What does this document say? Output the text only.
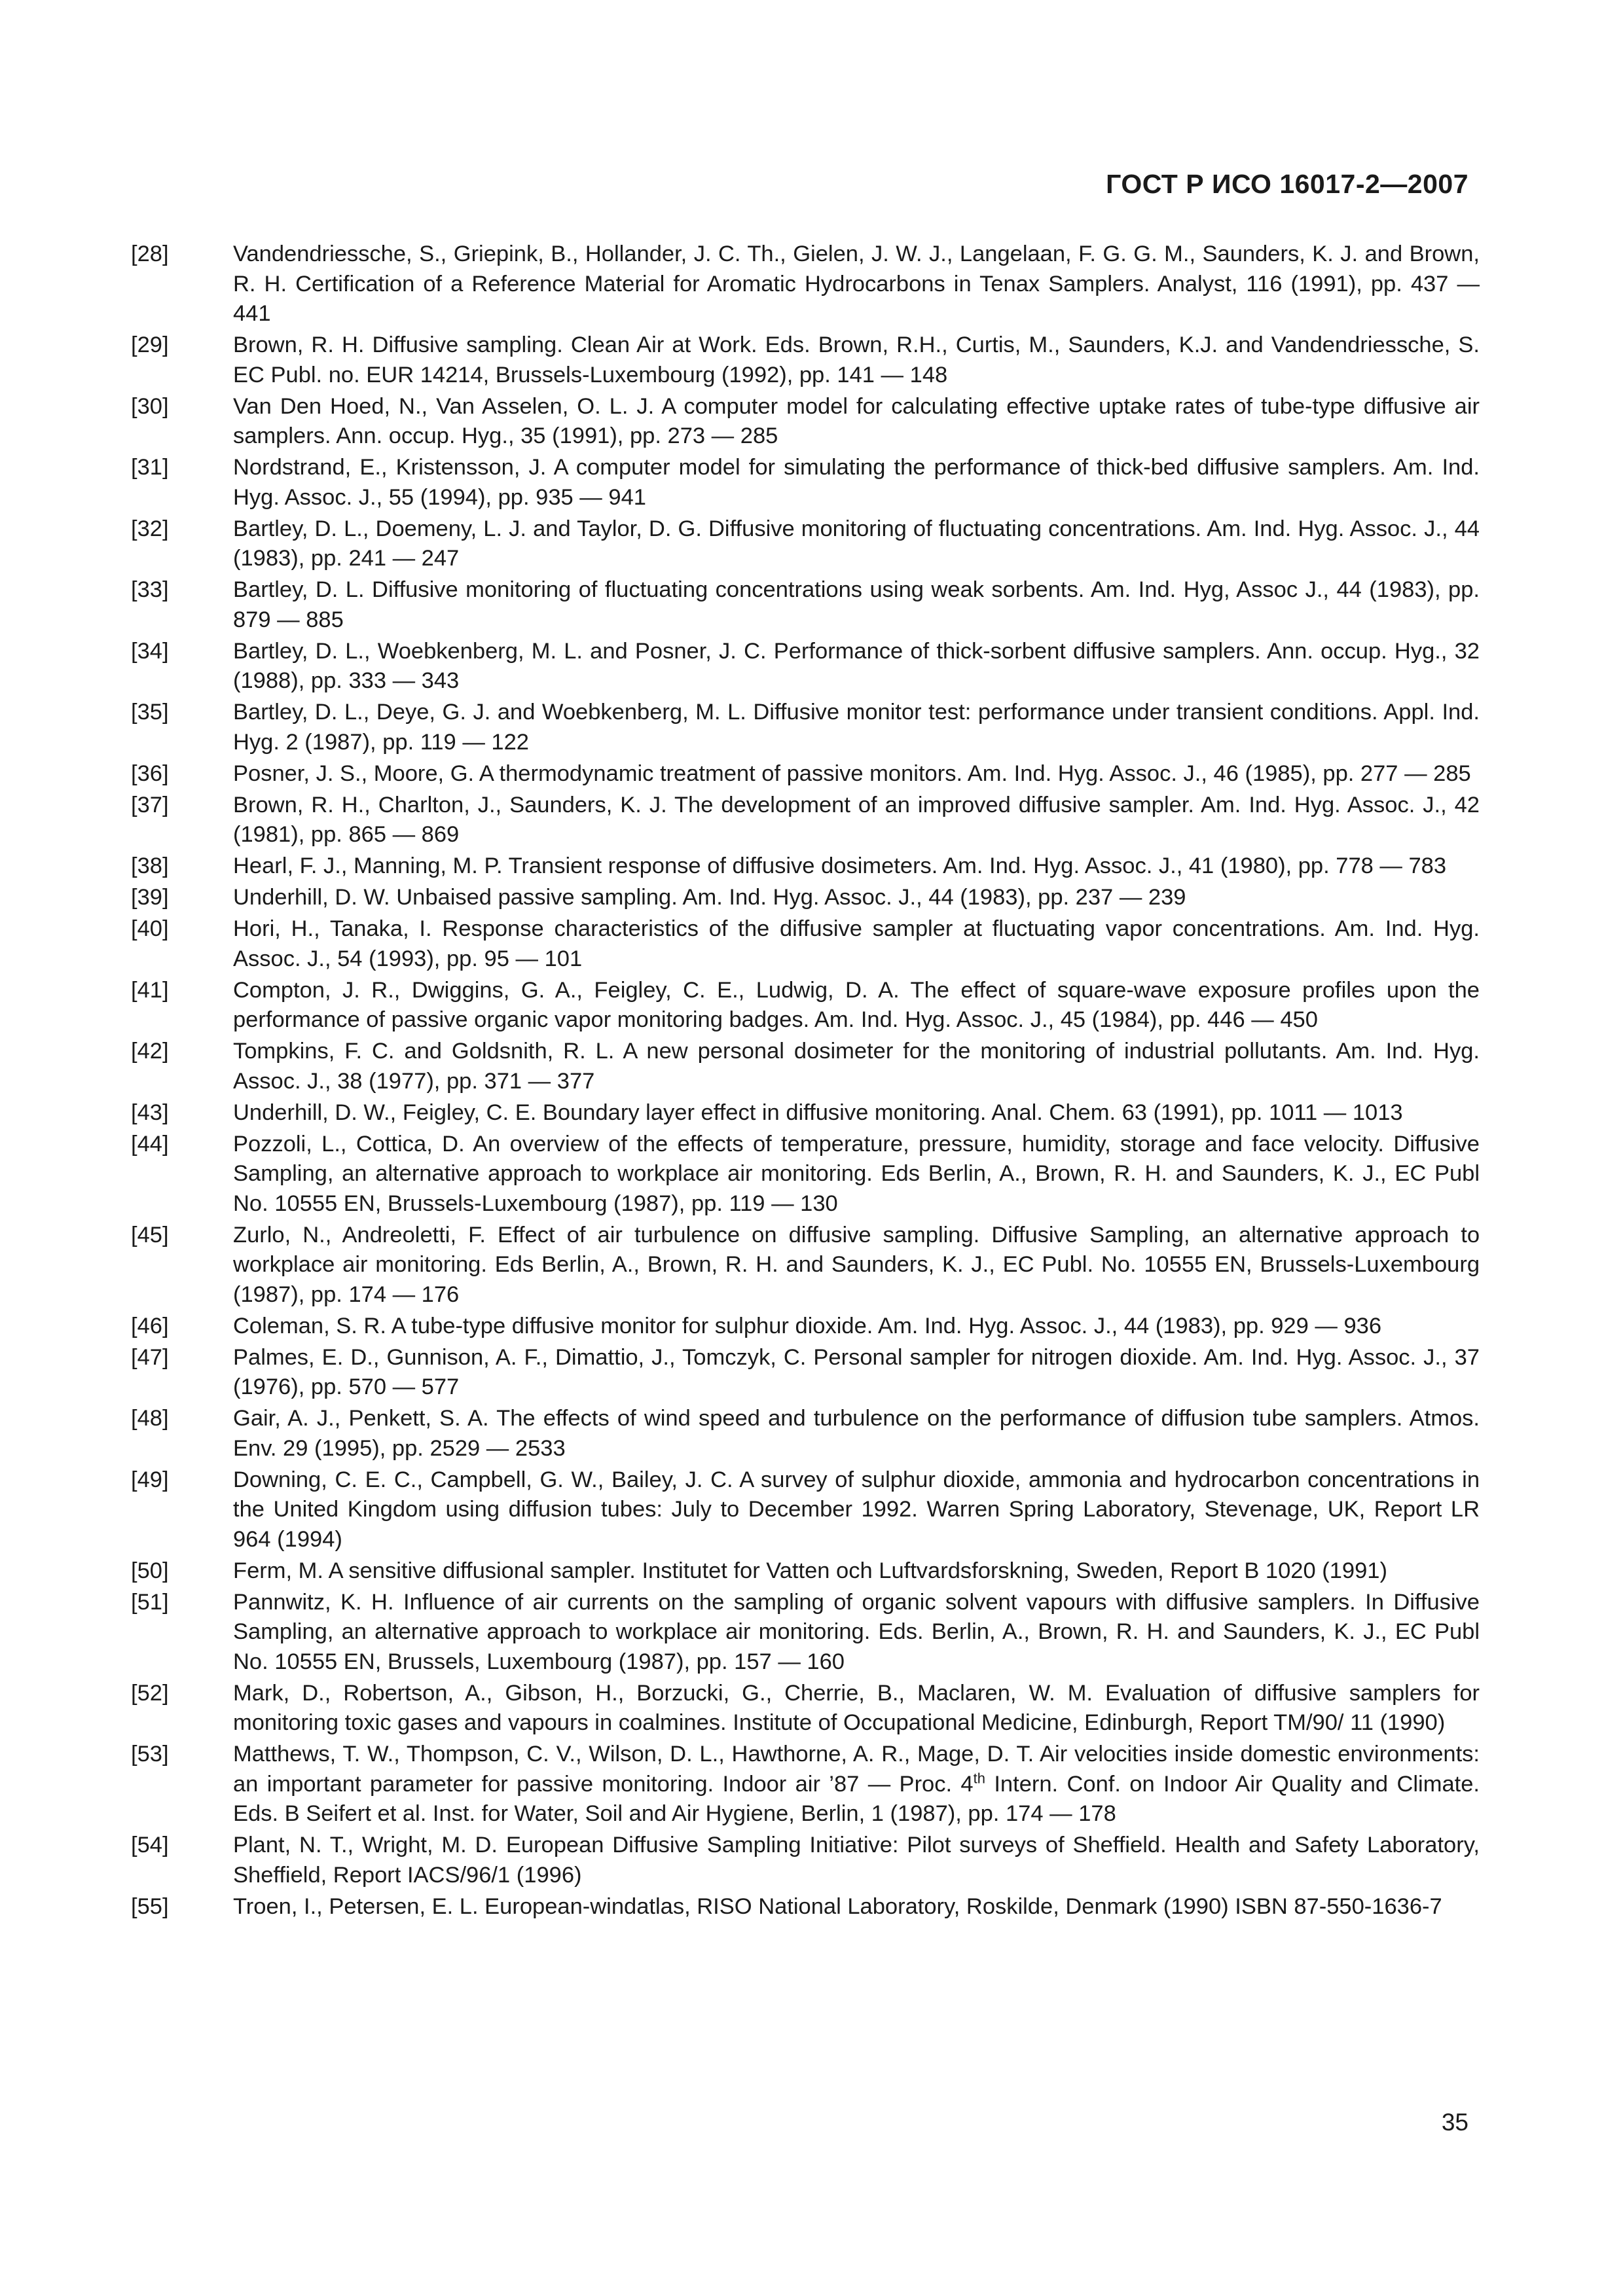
ГОСТ Р ИСО 16017-2—2007
[28]	Vandendriessche, S., Griepink, B., Hollander, J. C. Th., Gielen, J. W. J., Langelaan, F. G. G. M., Saunders, K. J. and Brown, R. H. Certification of a Reference Material for Aromatic Hydrocarbons in Tenax Samplers. Analyst, 116 (1991), pp. 437 — 441
[29]	Brown, R. H. Diffusive sampling. Clean Air at Work. Eds. Brown, R.H., Curtis, M., Saunders, K.J. and Vandendriessche, S. EC Publ. no. EUR 14214, Brussels-Luxembourg (1992), pp. 141 — 148
[30]	Van Den Hoed, N., Van Asselen, O. L. J. A computer model for calculating effective uptake rates of tube-type diffusive air samplers. Ann. occup. Hyg., 35 (1991), pp. 273 — 285
[31]	Nordstrand, E., Kristensson, J. A computer model for simulating the performance of thick-bed diffusive samplers. Am. Ind. Hyg. Assoc. J., 55 (1994), pp. 935 — 941
[32]	Bartley, D. L., Doemeny, L. J. and Taylor, D. G. Diffusive monitoring of fluctuating concentrations. Am. Ind. Hyg. Assoc. J., 44 (1983), pp. 241 — 247
[33]	Bartley, D. L. Diffusive monitoring of fluctuating concentrations using weak sorbents. Am. Ind. Hyg, Assoc J., 44 (1983), pp. 879 — 885
[34]	Bartley, D. L., Woebkenberg, M. L. and Posner, J. C. Performance of thick-sorbent diffusive samplers. Ann. occup. Hyg., 32 (1988), pp. 333 — 343
[35]	Bartley, D. L., Deye, G. J. and Woebkenberg, M. L. Diffusive monitor test: performance under transient conditions. Appl. Ind. Hyg. 2 (1987), pp. 119 — 122
[36]	Posner, J. S., Moore, G. A thermodynamic treatment of passive monitors. Am. Ind. Hyg. Assoc. J., 46 (1985), pp. 277 — 285
[37]	Brown, R. H., Charlton, J., Saunders, K. J. The development of an improved diffusive sampler. Am. Ind. Hyg. Assoc. J., 42 (1981), pp. 865 — 869
[38]	Hearl, F. J., Manning, M. P. Transient response of diffusive dosimeters. Am. Ind. Hyg. Assoc. J., 41 (1980), pp. 778 — 783
[39]	Underhill, D. W. Unbaised passive sampling. Am. Ind. Hyg. Assoc. J., 44 (1983), pp. 237 — 239
[40]	Hori, H., Tanaka, I. Response characteristics of the diffusive sampler at fluctuating vapor concentrations. Am. Ind. Hyg. Assoc. J., 54 (1993), pp. 95 — 101
[41]	Compton, J. R., Dwiggins, G. A., Feigley, C. E., Ludwig, D. A. The effect of square-wave exposure profiles upon the performance of passive organic vapor monitoring badges. Am. Ind. Hyg. Assoc. J., 45 (1984), pp. 446 — 450
[42]	Tompkins, F. C. and Goldsnith, R. L. A new personal dosimeter for the monitoring of industrial pollutants. Am. Ind. Hyg. Assoc. J., 38 (1977), pp. 371 — 377
[43]	Underhill, D. W., Feigley, C. E. Boundary layer effect in diffusive monitoring. Anal. Chem. 63 (1991), pp. 1011 — 1013
[44]	Pozzoli, L., Cottica, D. An overview of the effects of temperature, pressure, humidity, storage and face velocity. Diffusive Sampling, an alternative approach to workplace air monitoring. Eds Berlin, A., Brown, R. H. and Saunders, K. J., EC Publ No. 10555 EN, Brussels-Luxembourg (1987), pp. 119 — 130
[45]	Zurlo, N., Andreoletti, F. Effect of air turbulence on diffusive sampling. Diffusive Sampling, an alternative approach to workplace air monitoring. Eds Berlin, A., Brown, R. H. and Saunders, K. J., EC Publ. No. 10555 EN, Brussels-Luxembourg (1987), pp. 174 — 176
[46]	Coleman, S. R. A tube-type diffusive monitor for sulphur dioxide. Am. Ind. Hyg. Assoc. J., 44 (1983), pp. 929 — 936
[47]	Palmes, E. D., Gunnison, A. F., Dimattio, J., Tomczyk, C. Personal sampler for nitrogen dioxide. Am. Ind. Hyg. Assoc. J., 37 (1976), pp. 570 — 577
[48]	Gair, A. J., Penkett, S. A. The effects of wind speed and turbulence on the performance of diffusion tube samplers. Atmos. Env. 29 (1995), pp. 2529 — 2533
[49]	Downing, C. E. C., Campbell, G. W., Bailey, J. C. A survey of sulphur dioxide, ammonia and hydrocarbon concentrations in the United Kingdom using diffusion tubes: July to December 1992. Warren Spring Laboratory, Stevenage, UK, Report LR 964 (1994)
[50]	Ferm, M. A sensitive diffusional sampler. Institutet for Vatten och Luftvardsforskning, Sweden, Report B 1020 (1991)
[51]	Pannwitz, K. H. Influence of air currents on the sampling of organic solvent vapours with diffusive samplers. In Diffusive Sampling, an alternative approach to workplace air monitoring. Eds. Berlin, A., Brown, R. H. and Saunders, K. J., EC Publ No. 10555 EN, Brussels, Luxembourg (1987), pp. 157 — 160
[52]	Mark, D., Robertson, A., Gibson, H., Borzucki, G., Cherrie, B., Maclaren, W. M. Evaluation of diffusive samplers for monitoring toxic gases and vapours in coalmines. Institute of Occupational Medicine, Edinburgh, Report TM/90/ 11 (1990)
[53]	Matthews, T. W., Thompson, C. V., Wilson, D. L., Hawthorne, A. R., Mage, D. T. Air velocities inside domestic environments: an important parameter for passive monitoring. Indoor air ’87 — Proc. 4th Intern. Conf. on Indoor Air Quality and Climate. Eds. B Seifert et al. Inst. for Water, Soil and Air Hygiene, Berlin, 1 (1987), pp. 174 — 178
[54]	Plant, N. T., Wright, M. D. European Diffusive Sampling Initiative: Pilot surveys of Sheffield. Health and Safety Laboratory, Sheffield, Report IACS/96/1 (1996)
[55]	Troen, I., Petersen, E. L. European-windatlas, RISO National Laboratory, Roskilde, Denmark (1990) ISBN 87-550-1636-7
35
